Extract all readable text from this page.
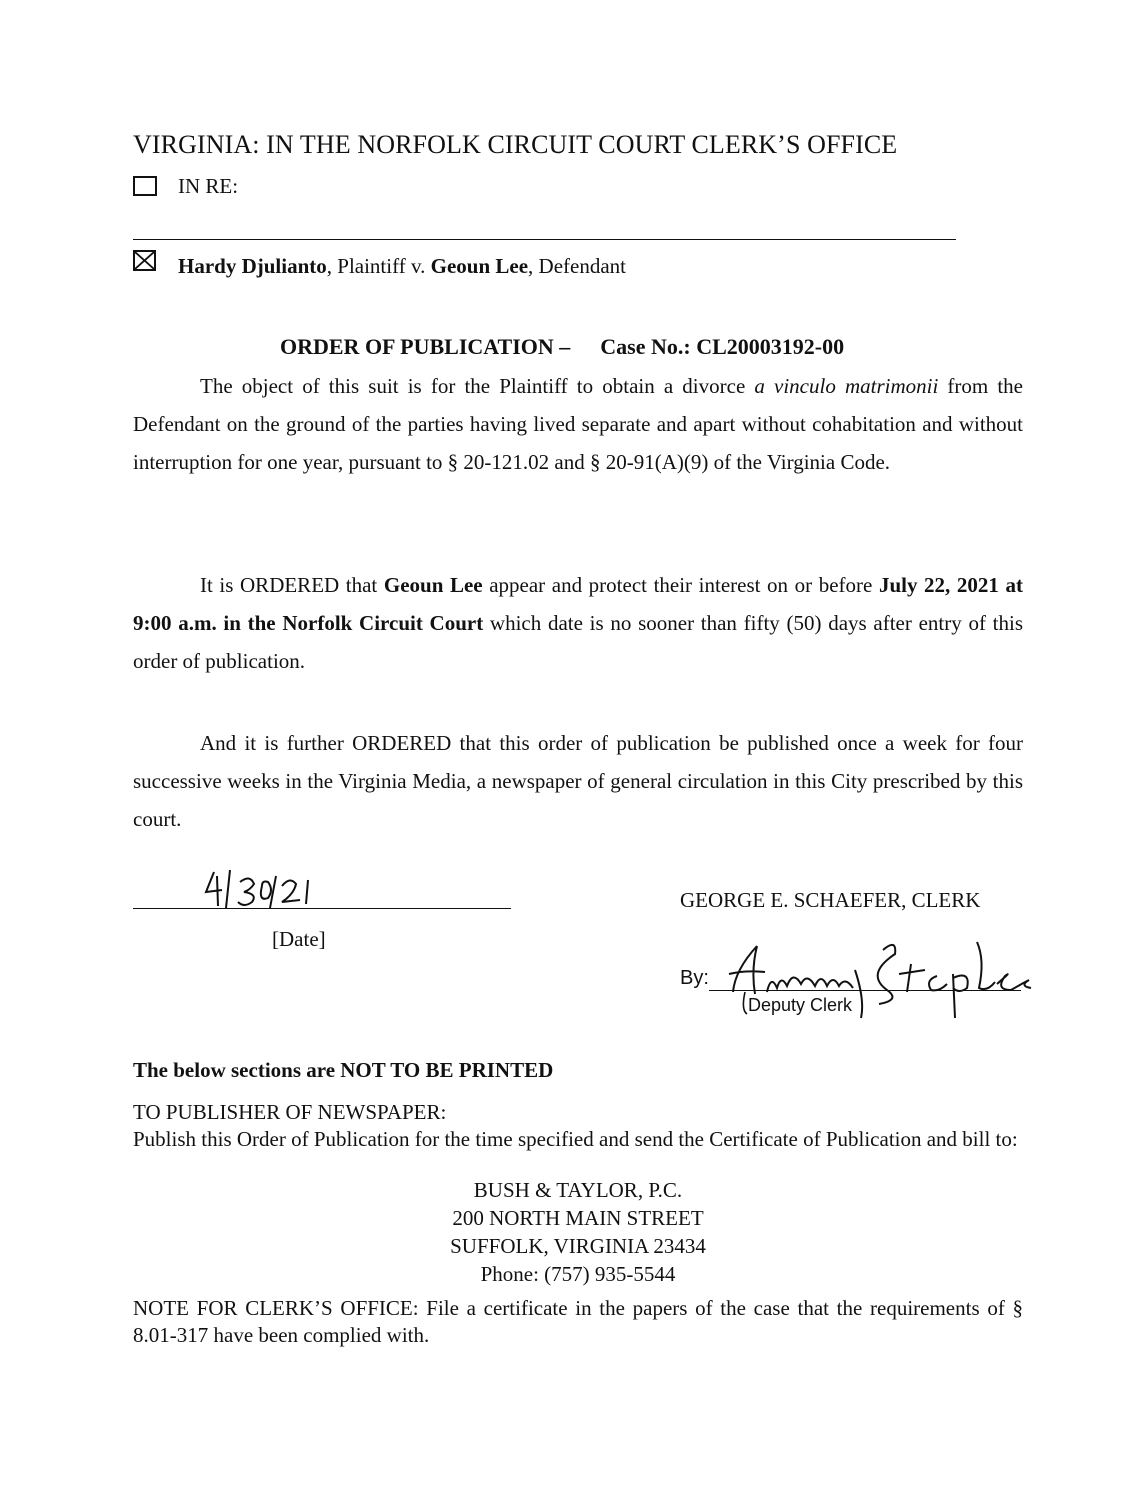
VIRGINIA: IN THE NORFOLK CIRCUIT COURT CLERK’S OFFICE
IN RE:
Hardy Djulianto, Plaintiff v. Geoun Lee, Defendant
ORDER OF PUBLICATION – Case No.: CL20003192-00
The object of this suit is for the Plaintiff to obtain a divorce a vinculo matrimonii from the Defendant on the ground of the parties having lived separate and apart without cohabitation and without interruption for one year, pursuant to § 20-121.02 and § 20-91(A)(9) of the Virginia Code.
It is ORDERED that Geoun Lee appear and protect their interest on or before July 22, 2021 at 9:00 a.m. in the Norfolk Circuit Court which date is no sooner than fifty (50) days after entry of this order of publication.
And it is further ORDERED that this order of publication be published once a week for four successive weeks in the Virginia Media, a newspaper of general circulation in this City prescribed by this court.
[Date]
GEORGE E. SCHAEFER, CLERK
By:
Deputy Clerk
The below sections are NOT TO BE PRINTED
TO PUBLISHER OF NEWSPAPER:
Publish this Order of Publication for the time specified and send the Certificate of Publication and bill to:
BUSH & TAYLOR, P.C.
200 NORTH MAIN STREET
SUFFOLK, VIRGINIA 23434
Phone: (757) 935-5544
NOTE FOR CLERK’S OFFICE: File a certificate in the papers of the case that the requirements of § 8.01-317 have been complied with.
